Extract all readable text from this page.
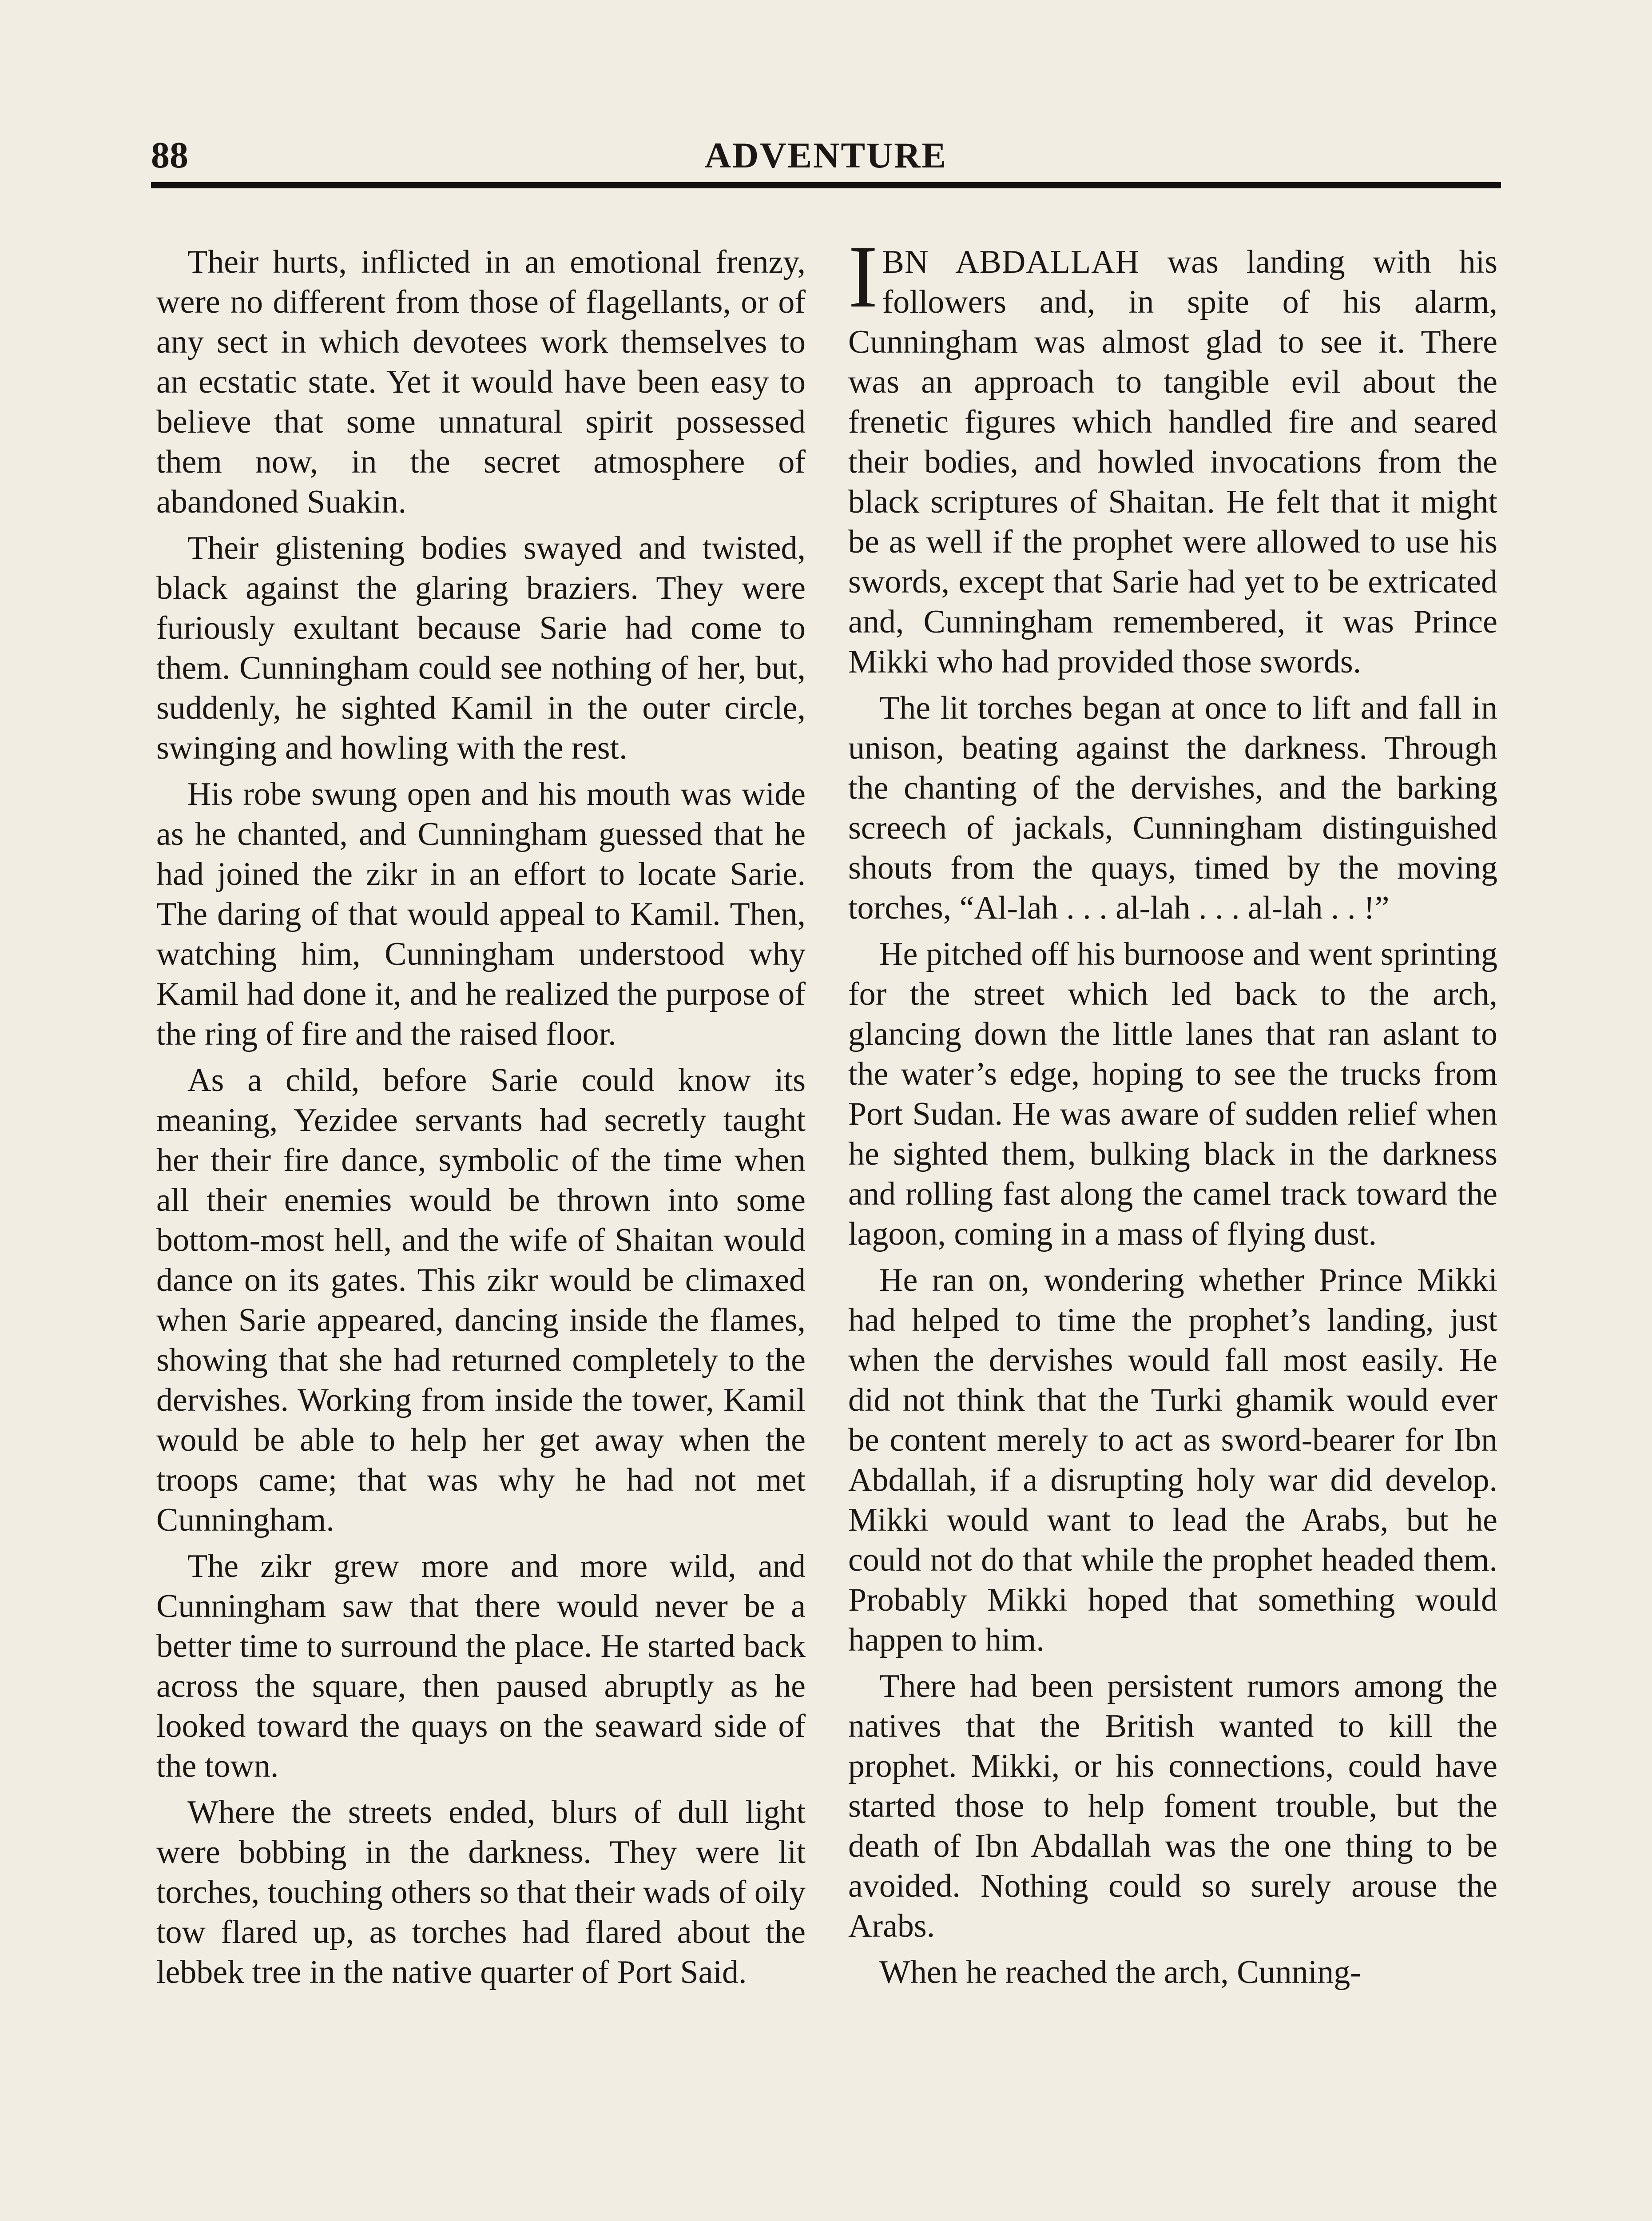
88	ADVENTURE

Their hurts, inflicted in an emotional frenzy, were no different from those of flagellants, or of any sect in which devotees work themselves to an ecstatic state. Yet it would have been easy to believe that some unnatural spirit possessed them now, in the secret atmosphere of abandoned Suakin.

Their glistening bodies swayed and twisted, black against the glaring braziers. They were furiously exultant because Sarie had come to them. Cunningham could see nothing of her, but, suddenly, he sighted Kamil in the outer circle, swinging and howling with the rest.

His robe swung open and his mouth was wide as he chanted, and Cunningham guessed that he had joined the zikr in an effort to locate Sarie. The daring of that would appeal to Kamil. Then, watching him, Cunningham understood why Kamil had done it, and he realized the purpose of the ring of fire and the raised floor.

As a child, before Sarie could know its meaning, Yezidee servants had secretly taught her their fire dance, symbolic of the time when all their enemies would be thrown into some bottom-most hell, and the wife of Shaitan would dance on its gates. This zikr would be climaxed when Sarie appeared, dancing inside the flames, showing that she had returned completely to the dervishes. Working from inside the tower, Kamil would be able to help her get away when the troops came; that was why he had not met Cunningham.

The zikr grew more and more wild, and Cunningham saw that there would never be a better time to surround the place. He started back across the square, then paused abruptly as he looked toward the quays on the seaward side of the town.

Where the streets ended, blurs of dull light were bobbing in the darkness. They were lit torches, touching others so that their wads of oily tow flared up, as torches had flared about the lebbek tree in the native quarter of Port Said.

IBN ABDALLAH was landing with his followers and, in spite of his alarm, Cunningham was almost glad to see it. There was an approach to tangible evil about the frenetic figures which handled fire and seared their bodies, and howled invocations from the black scriptures of Shaitan. He felt that it might be as well if the prophet were allowed to use his swords, except that Sarie had yet to be extricated and, Cunningham remembered, it was Prince Mikki who had provided those swords.

The lit torches began at once to lift and fall in unison, beating against the darkness. Through the chanting of the dervishes, and the barking screech of jackals, Cunningham distinguished shouts from the quays, timed by the moving torches, “Al-lah . . . al-lah . . . al-lah . . !”

He pitched off his burnoose and went sprinting for the street which led back to the arch, glancing down the little lanes that ran aslant to the water’s edge, hoping to see the trucks from Port Sudan. He was aware of sudden relief when he sighted them, bulking black in the darkness and rolling fast along the camel track toward the lagoon, coming in a mass of flying dust.

He ran on, wondering whether Prince Mikki had helped to time the prophet’s landing, just when the dervishes would fall most easily. He did not think that the Turki ghamik would ever be content merely to act as sword-bearer for Ibn Abdallah, if a disrupting holy war did develop. Mikki would want to lead the Arabs, but he could not do that while the prophet headed them. Probably Mikki hoped that something would happen to him.

There had been persistent rumors among the natives that the British wanted to kill the prophet. Mikki, or his connections, could have started those to help foment trouble, but the death of Ibn Abdallah was the one thing to be avoided. Nothing could so surely arouse the Arabs.

When he reached the arch, Cunning-
